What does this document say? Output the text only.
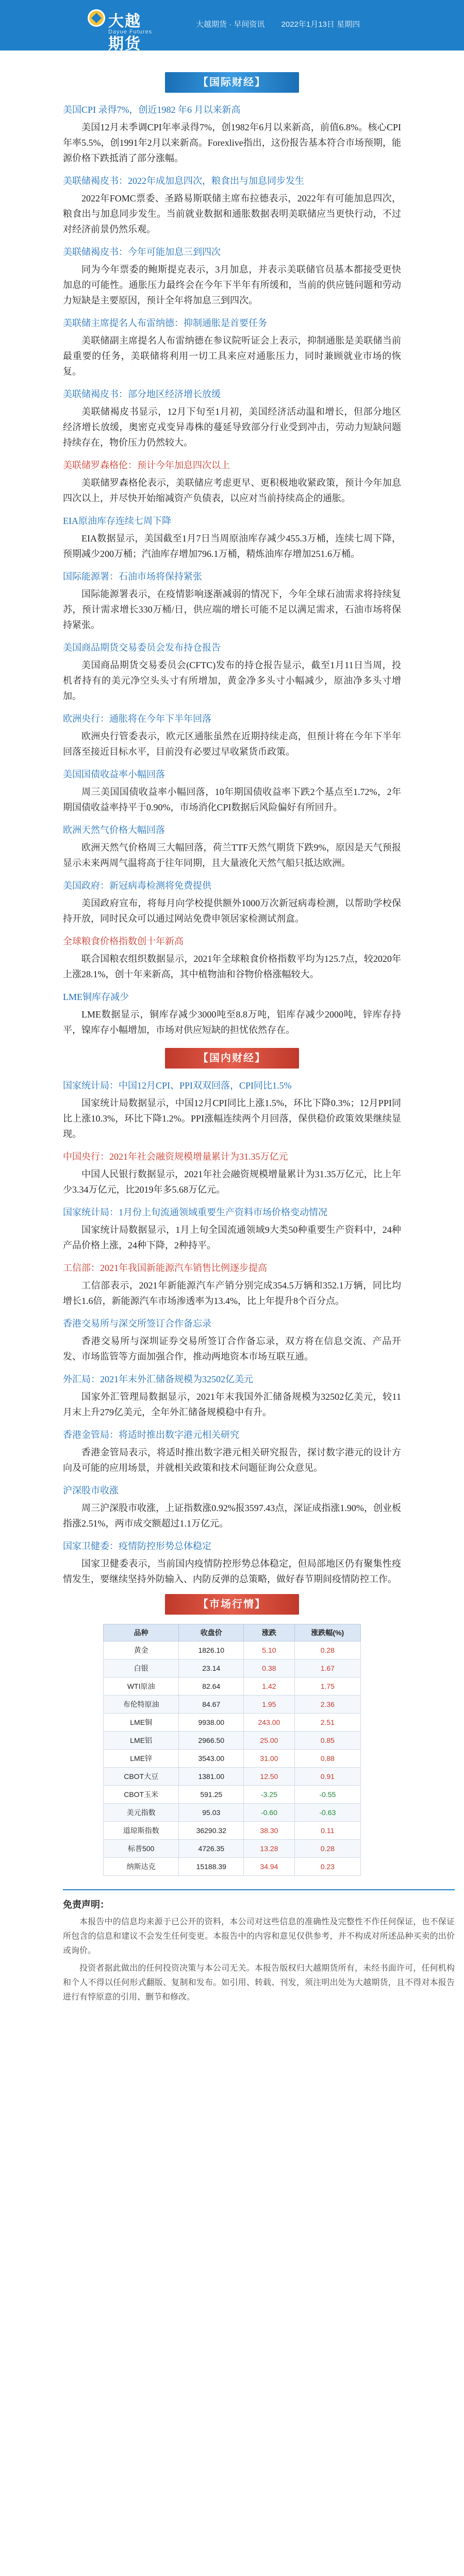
大越期货
Dayue Futures
大越期货 · 早间资讯 2022年1月13日 星期四
【国际财经】

美国CPI 录得7%，创近1982 年6 月以来新高

美国12月未季调CPI年率录得7%，创1982年6月以来新高，前值6.8%。核心CPI年率5.5%，创1991年2月以来新高。Forexlive指出，这份报告基本符合市场预期，能源价格下跌抵消了部分涨幅。

美联储褐皮书：2022年成加息四次，粮食出与加息同步发生

2022年FOMC票委、圣路易斯联储主席布拉德表示，2022年有可能加息四次，粮食出与加息同步发生。当前就业数据和通胀数据表明美联储应当更快行动，不过对经济前景仍然乐观。

美联储褐皮书：今年可能加息三到四次

同为今年票委的鲍斯提克表示，3月加息，并表示美联储官员基本都接受更快加息的可能性。通胀压力最终会在今年下半年有所缓和，当前的供应链问题和劳动力短缺是主要原因，预计全年将加息三到四次。

美联储主席提名人布雷纳德：抑制通胀是首要任务

美联储副主席提名人布雷纳德在参议院听证会上表示，抑制通胀是美联储当前最重要的任务，美联储将利用一切工具来应对通胀压力，同时兼顾就业市场的恢复。

美联储褐皮书：部分地区经济增长放缓

美联储褐皮书显示，12月下旬至1月初，美国经济活动温和增长，但部分地区经济增长放缓，奥密克戎变异毒株的蔓延导致部分行业受到冲击，劳动力短缺问题持续存在，物价压力仍然较大。

美联储罗森格伦：预计今年加息四次以上

美联储罗森格伦表示，美联储应考虑更早、更积极地收紧政策，预计今年加息四次以上，并尽快开始缩减资产负债表，以应对当前持续高企的通胀。

EIA原油库存连续七周下降

EIA数据显示，美国截至1月7日当周原油库存减少455.3万桶，连续七周下降，预期减少200万桶；汽油库存增加796.1万桶，精炼油库存增加251.6万桶。

国际能源署：石油市场将保持紧张

国际能源署表示，在疫情影响逐渐减弱的情况下，今年全球石油需求将持续复苏，预计需求增长330万桶/日，供应端的增长可能不足以满足需求，石油市场将保持紧张。

美国商品期货交易委员会发布持仓报告

美国商品期货交易委员会(CFTC)发布的持仓报告显示，截至1月11日当周，投机者持有的美元净空头头寸有所增加，黄金净多头寸小幅减少，原油净多头寸增加。

欧洲央行：通胀将在今年下半年回落

欧洲央行管委表示，欧元区通胀虽然在近期持续走高，但预计将在今年下半年回落至接近目标水平，目前没有必要过早收紧货币政策。

美国国债收益率小幅回落

周三美国国债收益率小幅回落，10年期国债收益率下跌2个基点至1.72%，2年期国债收益率持平于0.90%，市场消化CPI数据后风险偏好有所回升。

欧洲天然气价格大幅回落

欧洲天然气价格周三大幅回落，荷兰TTF天然气期货下跌9%，原因是天气预报显示未来两周气温将高于往年同期，且大量液化天然气船只抵达欧洲。

美国政府：新冠病毒检测将免费提供

美国政府宣布，将每月向学校提供额外1000万次新冠病毒检测，以帮助学校保持开放，同时民众可以通过网站免费申领居家检测试剂盒。

全球粮食价格指数创十年新高

联合国粮农组织数据显示，2021年全球粮食价格指数平均为125.7点，较2020年上涨28.1%，创十年来新高，其中植物油和谷物价格涨幅较大。

LME铜库存减少

LME数据显示，铜库存减少3000吨至8.8万吨，铝库存减少2000吨，锌库存持平，镍库存小幅增加，市场对供应短缺的担忧依然存在。

【国内财经】

国家统计局：中国12月CPI、PPI双双回落，CPI同比1.5%

国家统计局数据显示，中国12月CPI同比上涨1.5%，环比下降0.3%；12月PPI同比上涨10.3%，环比下降1.2%。PPI涨幅连续两个月回落，保供稳价政策效果继续显现。

中国央行：2021年社会融资规模增量累计为31.35万亿元

中国人民银行数据显示，2021年社会融资规模增量累计为31.35万亿元，比上年少3.34万亿元，比2019年多5.68万亿元。

国家统计局：1月份上旬流通领域重要生产资料市场价格变动情况

国家统计局数据显示，1月上旬全国流通领域9大类50种重要生产资料中，24种产品价格上涨，24种下降，2种持平。

工信部：2021年我国新能源汽车销售比例逐步提高

工信部表示，2021年新能源汽车产销分别完成354.5万辆和352.1万辆，同比均增长1.6倍，新能源汽车市场渗透率为13.4%，比上年提升8个百分点。

香港交易所与深交所签订合作备忘录

香港交易所与深圳证券交易所签订合作备忘录，双方将在信息交流、产品开发、市场监管等方面加强合作，推动两地资本市场互联互通。

外汇局：2021年末外汇储备规模为32502亿美元

国家外汇管理局数据显示，2021年末我国外汇储备规模为32502亿美元，较11月末上升279亿美元，全年外汇储备规模稳中有升。

香港金管局：将适时推出数字港元相关研究

香港金管局表示，将适时推出数字港元相关研究报告，探讨数字港元的设计方向及可能的应用场景，并就相关政策和技术问题征询公众意见。

沪深股市收涨

周三沪深股市收涨，上证指数涨0.92%报3597.43点，深证成指涨1.90%，创业板指涨2.51%，两市成交额超过1.1万亿元。

国家卫健委：疫情防控形势总体稳定

国家卫健委表示，当前国内疫情防控形势总体稳定，但局部地区仍有聚集性疫情发生，要继续坚持外防输入、内防反弹的总策略，做好春节期间疫情防控工作。

【市场行情】
品种	收盘价	涨跌	涨跌幅(%)
黄金	1826.10	5.10	0.28
白银	23.14	0.38	1.67
WTI原油	82.64	1.42	1.75
布伦特原油	84.67	1.95	2.36
LME铜	9938.00	243.00	2.51
LME铝	2966.50	25.00	0.85
LME锌	3543.00	31.00	0.88
CBOT大豆	1381.00	12.50	0.91
CBOT玉米	591.25	-3.25	-0.55
美元指数	95.03	-0.60	-0.63
道琼斯指数	36290.32	38.30	0.11
标普500	4726.35	13.28	0.28
纳斯达克	15188.39	34.94	0.23

免责声明：

本报告中的信息均来源于已公开的资料，本公司对这些信息的准确性及完整性不作任何保证，也不保证所包含的信息和建议不会发生任何变更。本报告中的内容和意见仅供参考，并不构成对所述品种买卖的出价或询价。

投资者据此做出的任何投资决策与本公司无关。本报告版权归大越期货所有，未经书面许可，任何机构和个人不得以任何形式翻版、复制和发布。如引用、转载、刊发，须注明出处为大越期货，且不得对本报告进行有悖原意的引用、删节和修改。
